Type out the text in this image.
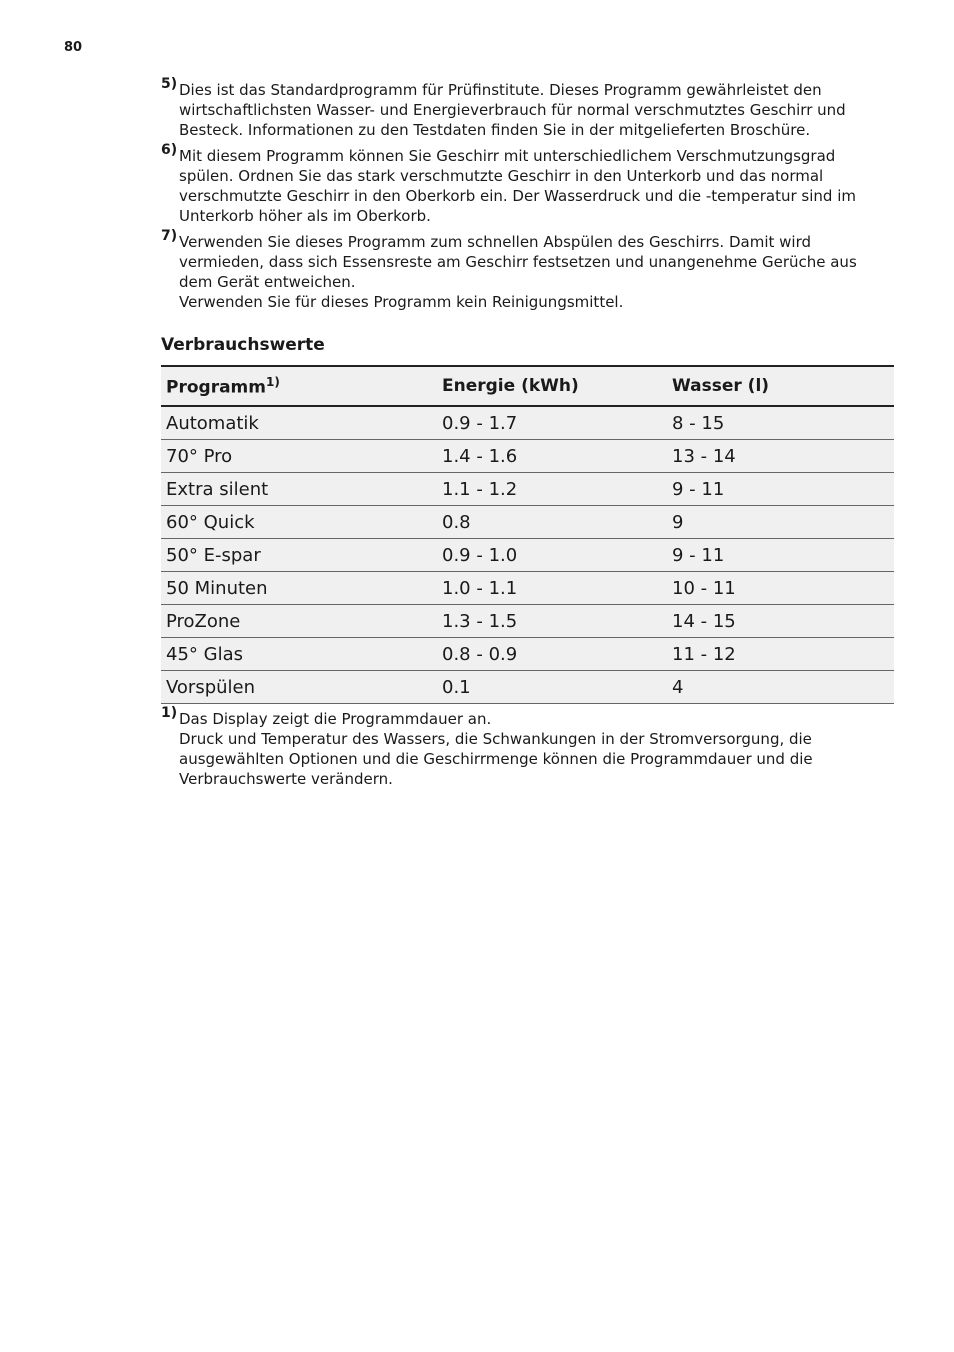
80
5) Dies ist das Standardprogramm für Prüfinstitute. Dieses Programm gewährleistet den
wirtschaftlichsten Wasser- und Energieverbrauch für normal verschmutztes Geschirr und
Besteck. Informationen zu den Testdaten finden Sie in der mitgelieferten Broschüre.
6) Mit diesem Programm können Sie Geschirr mit unterschiedlichem Verschmutzungsgrad
spülen. Ordnen Sie das stark verschmutzte Geschirr in den Unterkorb und das normal
verschmutzte Geschirr in den Oberkorb ein. Der Wasserdruck und die -temperatur sind im
Unterkorb höher als im Oberkorb.
7) Verwenden Sie dieses Programm zum schnellen Abspülen des Geschirrs. Damit wird
vermieden, dass sich Essensreste am Geschirr festsetzen und unangenehme Gerüche aus
dem Gerät entweichen.
Verwenden Sie für dieses Programm kein Reinigungsmittel.
Verbrauchswerte
Programm$^{1)}$	Energie (kWh)	Wasser (l)
Automatik	0.9 - 1.7	8 - 15
70° Pro	1.4 - 1.6	13 - 14
Extra silent	1.1 - 1.2	9 - 11
60° Quick	0.8	9
50° E-spar	0.9 - 1.0	9 - 11
50 Minuten	1.0 - 1.1	10 - 11
ProZone	1.3 - 1.5	14 - 15
45° Glas	0.8 - 0.9	11 - 12
Vorspülen	0.1	4
1) Das Display zeigt die Programmdauer an.
Druck und Temperatur des Wassers, die Schwankungen in der Stromversorgung, die
ausgewählten Optionen und die Geschirrmenge können die Programmdauer und die
Verbrauchswerte verändern.
